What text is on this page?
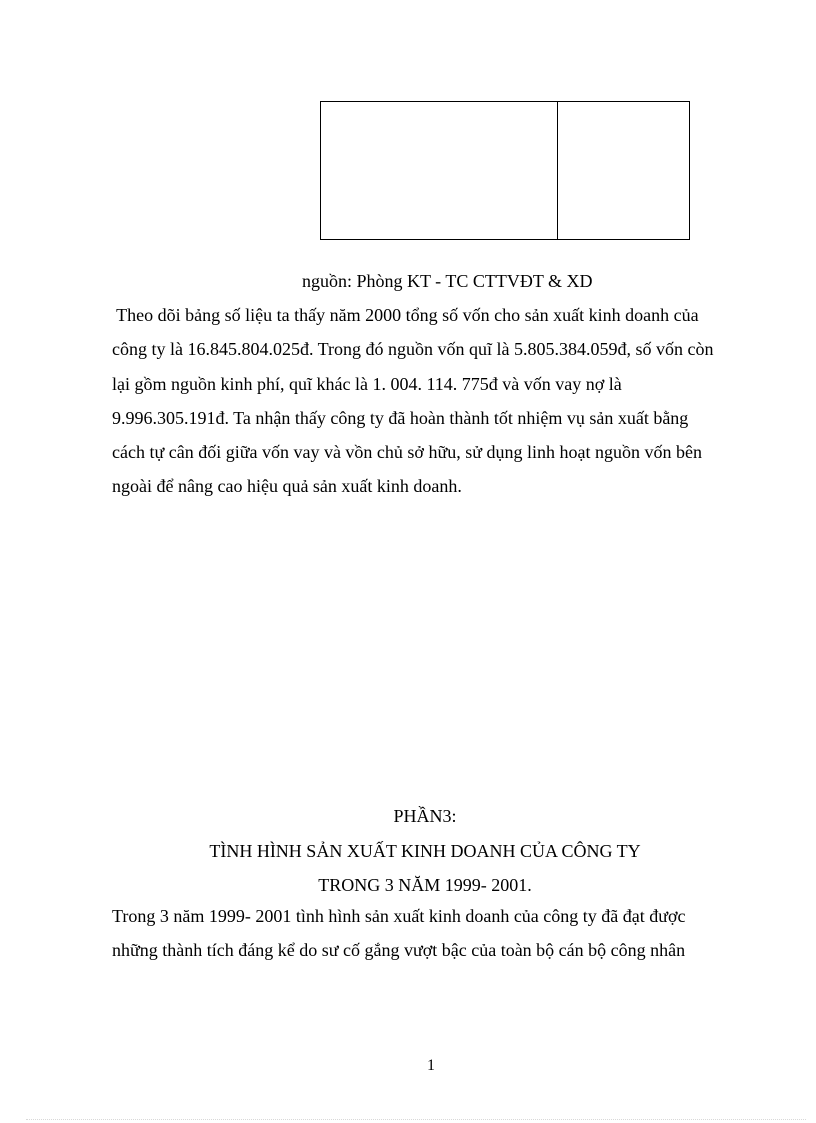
nguồn: Phòng KT - TC CTTVĐT & XD
Theo dõi bảng số liệu ta thấy năm 2000 tổng số vốn cho sản xuất kinh doanh của
công ty là 16.845.804.025đ. Trong đó nguồn vốn quĩ là 5.805.384.059đ, số vốn còn
lại gồm nguồn kinh phí, quĩ khác là 1. 004. 114. 775đ và vốn vay nợ là
9.996.305.191đ. Ta nhận thấy công ty đã hoàn thành tốt nhiệm vụ sản xuất bằng
cách tự cân đối giữa vốn vay và vồn chủ sở hữu, sử dụng linh hoạt nguồn vốn bên
ngoài để nâng cao hiệu quả sản xuất kinh doanh.
PHẦN3:
TÌNH HÌNH SẢN XUẤT KINH DOANH CỦA CÔNG TY
TRONG 3 NĂM 1999- 2001.
Trong 3 năm 1999- 2001 tình hình sản xuất kinh doanh của công ty đã đạt được
những thành tích đáng kể do sư cố gắng vượt bậc của toàn bộ cán bộ công nhân
1
